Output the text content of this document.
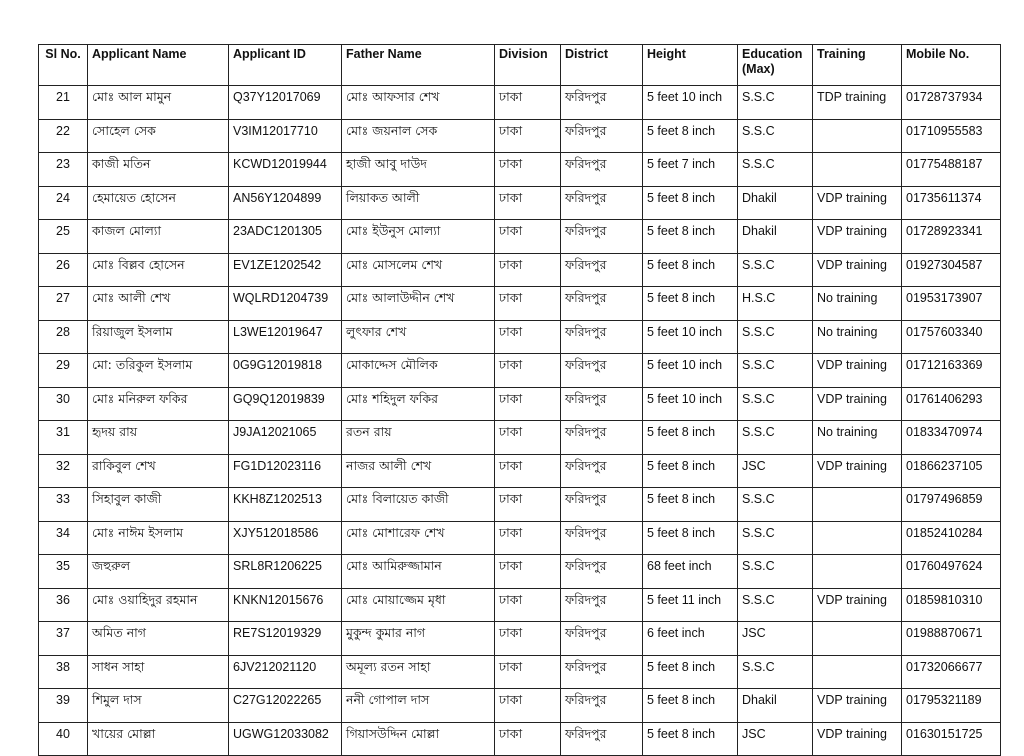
Sl No.	Applicant Name	Applicant ID	Father Name	Division	District	Height	Education (Max)	Training	Mobile No.
21	মোঃ আল মামুন	Q37Y12017069	মোঃ আফসার শেখ	ঢাকা	ফরিদপুর	5 feet 10 inch	S.S.C	TDP training	01728737934
22	সোহেল সেক	V3IM12017710	মোঃ জয়নাল সেক	ঢাকা	ফরিদপুর	5 feet 8 inch	S.S.C		01710955583
23	কাজী মতিন	KCWD12019944	হাজী আবু দাউদ	ঢাকা	ফরিদপুর	5 feet 7 inch	S.S.C		01775488187
24	হেমায়েত হোসেন	AN56Y1204899	লিয়াকত আলী	ঢাকা	ফরিদপুর	5 feet 8 inch	Dhakil	VDP training	01735611374
25	কাজল মোল্যা	23ADC1201305	মোঃ ইউনুস মোল্যা	ঢাকা	ফরিদপুর	5 feet 8 inch	Dhakil	VDP training	01728923341
26	মোঃ বিল্লব হোসেন	EV1ZE1202542	মোঃ মোসলেম শেখ	ঢাকা	ফরিদপুর	5 feet 8 inch	S.S.C	VDP training	01927304587
27	মোঃ আলী শেখ	WQLRD1204739	মোঃ আলাউদ্দীন শেখ	ঢাকা	ফরিদপুর	5 feet 8 inch	H.S.C	No training	01953173907
28	রিয়াজুল ইসলাম	L3WE12019647	লুৎফার শেখ	ঢাকা	ফরিদপুর	5 feet 10 inch	S.S.C	No training	01757603340
29	মো: তরিকুল ইসলাম	0G9G12019818	মোকাদ্দেস মৌলিক	ঢাকা	ফরিদপুর	5 feet 10 inch	S.S.C	VDP training	01712163369
30	মোঃ মনিরুল ফকির	GQ9Q12019839	মোঃ শহিদুল ফকির	ঢাকা	ফরিদপুর	5 feet 10 inch	S.S.C	VDP training	01761406293
31	হৃদয় রায়	J9JA12021065	রতন রায়	ঢাকা	ফরিদপুর	5 feet 8 inch	S.S.C	No training	01833470974
32	রাকিবুল শেখ	FG1D12023116	নাজর আলী শেখ	ঢাকা	ফরিদপুর	5 feet 8 inch	JSC	VDP training	01866237105
33	সিহাবুল কাজী	KKH8Z1202513	মোঃ বিলায়েত কাজী	ঢাকা	ফরিদপুর	5 feet 8 inch	S.S.C		01797496859
34	মোঃ নাঈম ইসলাম	XJY512018586	মোঃ মোশারেফ শেখ	ঢাকা	ফরিদপুর	5 feet 8 inch	S.S.C		01852410284
35	জহুরুল	SRL8R1206225	মোঃ আমিরুজ্জামান	ঢাকা	ফরিদপুর	68 feet inch	S.S.C		01760497624
36	মোঃ ওয়াহিদুর রহমান	KNKN12015676	মোঃ মোয়াজ্জেম মৃধা	ঢাকা	ফরিদপুর	5 feet 11 inch	S.S.C	VDP training	01859810310
37	অমিত নাগ	RE7S12019329	মুকুন্দ কুমার নাগ	ঢাকা	ফরিদপুর	6 feet inch	JSC		01988870671
38	সাধন সাহা	6JV212021120	অমূল্য রতন সাহা	ঢাকা	ফরিদপুর	5 feet 8 inch	S.S.C		01732066677
39	শিমুল দাস	C27G12022265	ননী গোপাল দাস	ঢাকা	ফরিদপুর	5 feet 8 inch	Dhakil	VDP training	01795321189
40	খায়ের মোল্লা	UGWG12033082	গিয়াসউদ্দিন মোল্লা	ঢাকা	ফরিদপুর	5 feet 8 inch	JSC	VDP training	01630151725
